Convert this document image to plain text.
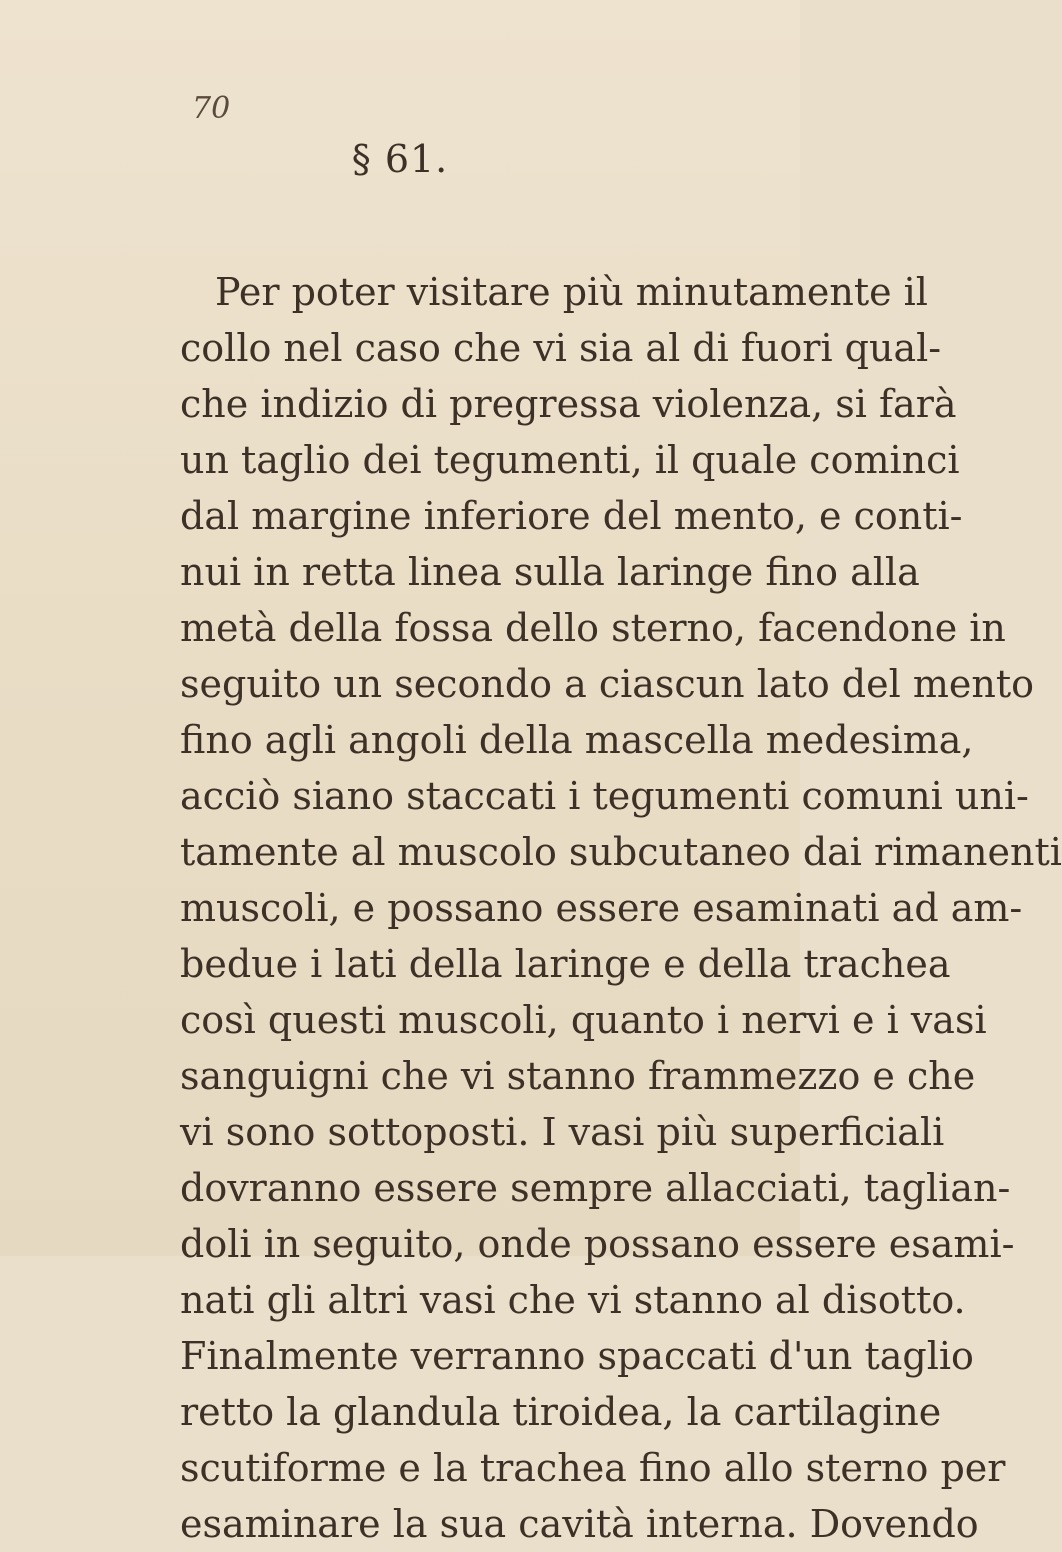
70
§ 61.
Per poter visitare più minutamente il
collo nel caso che vi sia al di fuori qual-
che indizio di pregressa violenza, si farà
un taglio dei tegumenti, il quale cominci
dal margine inferiore del mento, e conti-
nui in retta linea sulla laringe fino alla
metà della fossa dello sterno, facendone in
seguito un secondo a ciascun lato del mento
fino agli angoli della mascella medesima,
acciò siano staccati i tegumenti comuni uni-
tamente al muscolo subcutaneo dai rimanenti
muscoli, e possano essere esaminati ad am-
bedue i lati della laringe e della trachea
così questi muscoli, quanto i nervi e i vasi
sanguigni che vi stanno frammezzo e che
vi sono sottoposti. I vasi più superficiali
dovranno essere sempre allacciati, taglian-
doli in seguito, onde possano essere esami-
nati gli altri vasi che vi stanno al disotto.
Finalmente verranno spaccati d'un taglio
retto la glandula tiroidea, la cartilagine
scutiforme e la trachea fino allo sterno per
esaminare la sua cavità interna. Dovendo
